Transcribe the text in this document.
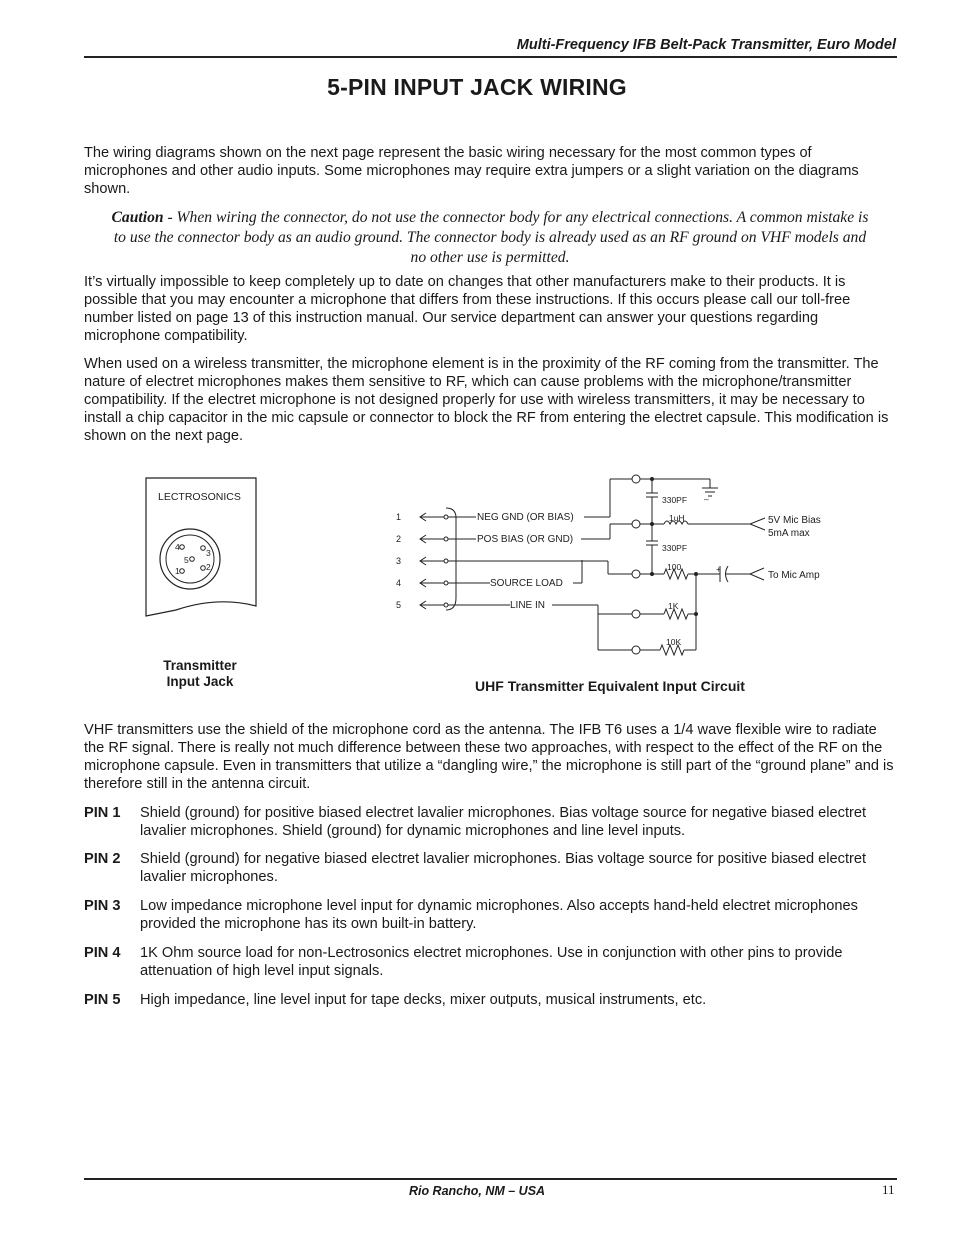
Multi-Frequency IFB Belt-Pack Transmitter, Euro Model
5-PIN INPUT JACK WIRING
The wiring diagrams shown on the next page represent the basic wiring necessary for the most common types of microphones and other audio inputs. Some microphones may require extra jumpers or a slight variation on the diagrams shown.
Caution - When wiring the connector, do not use the connector body for any electrical connections. A common mistake is to use the connector body as an audio ground. The connector body is already used as an RF ground on VHF models and no other use is permitted.
It’s virtually impossible to keep completely up to date on changes that other manufacturers make to their products. It is possible that you may encounter a microphone that differs from these instructions. If this occurs please call our toll-free number listed on page 13 of this instruction manual. Our service department can answer your questions regarding microphone compatibility.
When used on a wireless transmitter, the microphone element is in the proximity of the RF coming from the transmitter. The nature of electret microphones makes them sensitive to RF, which can cause problems with the microphone/transmitter compatibility. If the electret microphone is not designed properly for use with wireless transmitters, it may be necessary to install a chip capacitor in the mic capsule or connector to block the RF from entering the electret capsule. This modification is shown on the next page.
LECTROSONICS
4
3
5
1	2
Transmitter
Input Jack
1
2
3
4
5
NEG GND (OR BIAS)
POS BIAS (OR GND)
SOURCE LOAD
LINE IN
330PF
1uH
330PF
100
1K
10K
+
–
5V Mic Bias
5mA max
To Mic Amp
UHF Transmitter Equivalent Input Circuit
VHF transmitters use the shield of the microphone cord as the antenna. The IFB T6 uses a 1/4 wave flexible wire to radiate the RF signal. There is really not much difference between these two approaches, with respect to the effect of the RF on the microphone capsule. Even in transmitters that utilize a “dangling wire,” the microphone is still part of the “ground plane” and is therefore still in the antenna circuit.
PIN 1	Shield (ground) for positive biased electret lavalier microphones. Bias voltage source for negative biased electret lavalier microphones. Shield (ground) for dynamic microphones and line level inputs.
PIN 2	Shield (ground) for negative biased electret lavalier microphones. Bias voltage source for positive biased electret lavalier microphones.
PIN 3	Low impedance microphone level input for dynamic microphones. Also accepts hand-held electret microphones provided the microphone has its own built-in battery.
PIN 4	1K Ohm source load for non-Lectrosonics electret microphones. Use in conjunction with other pins to provide attenuation of high level input signals.
PIN 5	High impedance, line level input for tape decks, mixer outputs, musical instruments, etc.
Rio Rancho, NM – USA	11
